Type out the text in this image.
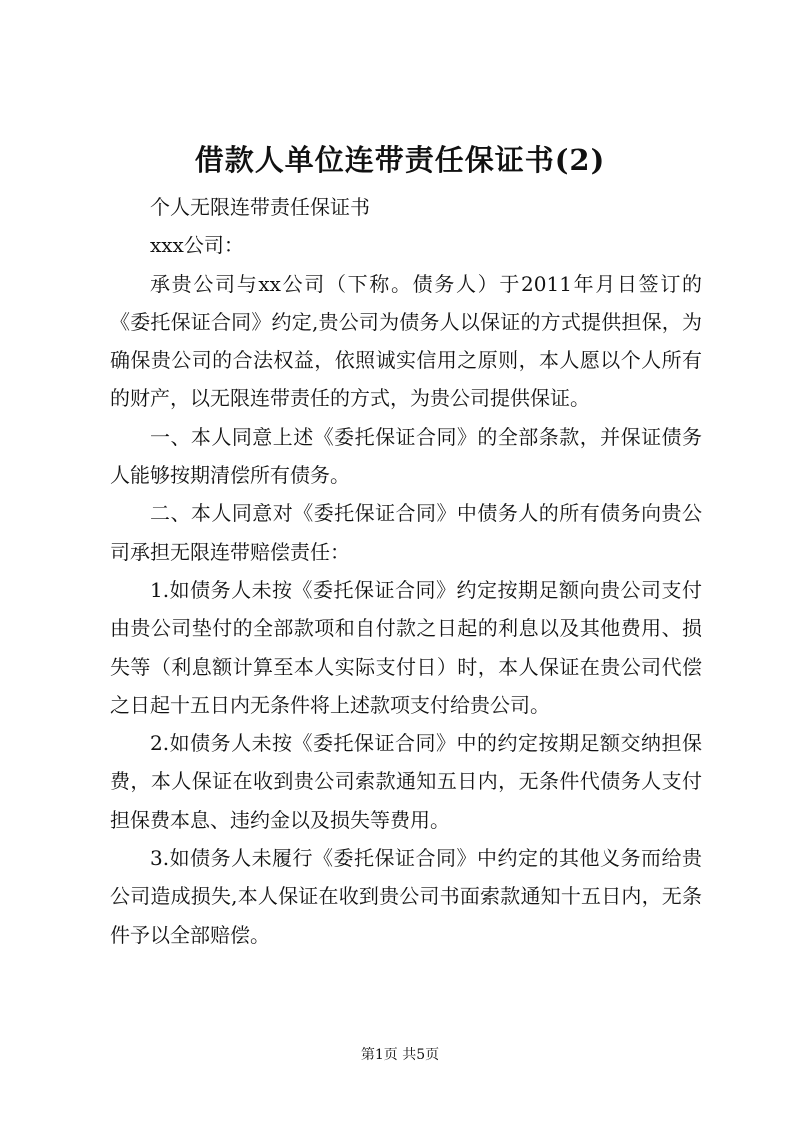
借款人单位连带责任保证书(2)

个人无限连带责任保证书

xxx公司：

承贵公司与xx公司（下称。债务人）于2011年月日签订的《委托保证合同》约定,贵公司为债务人以保证的方式提供担保，为确保贵公司的合法权益，依照诚实信用之原则，本人愿以个人所有的财产，以无限连带责任的方式，为贵公司提供保证。

一、本人同意上述《委托保证合同》的全部条款，并保证债务人能够按期清偿所有债务。

二、本人同意对《委托保证合同》中债务人的所有债务向贵公司承担无限连带赔偿责任：

1.如债务人未按《委托保证合同》约定按期足额向贵公司支付由贵公司垫付的全部款项和自付款之日起的利息以及其他费用、损失等（利息额计算至本人实际支付日）时，本人保证在贵公司代偿之日起十五日内无条件将上述款项支付给贵公司。

2.如债务人未按《委托保证合同》中的约定按期足额交纳担保费，本人保证在收到贵公司索款通知五日内，无条件代债务人支付担保费本息、违约金以及损失等费用。

3.如债务人未履行《委托保证合同》中约定的其他义务而给贵公司造成损失,本人保证在收到贵公司书面索款通知十五日内，无条件予以全部赔偿。

第1页 共5页
